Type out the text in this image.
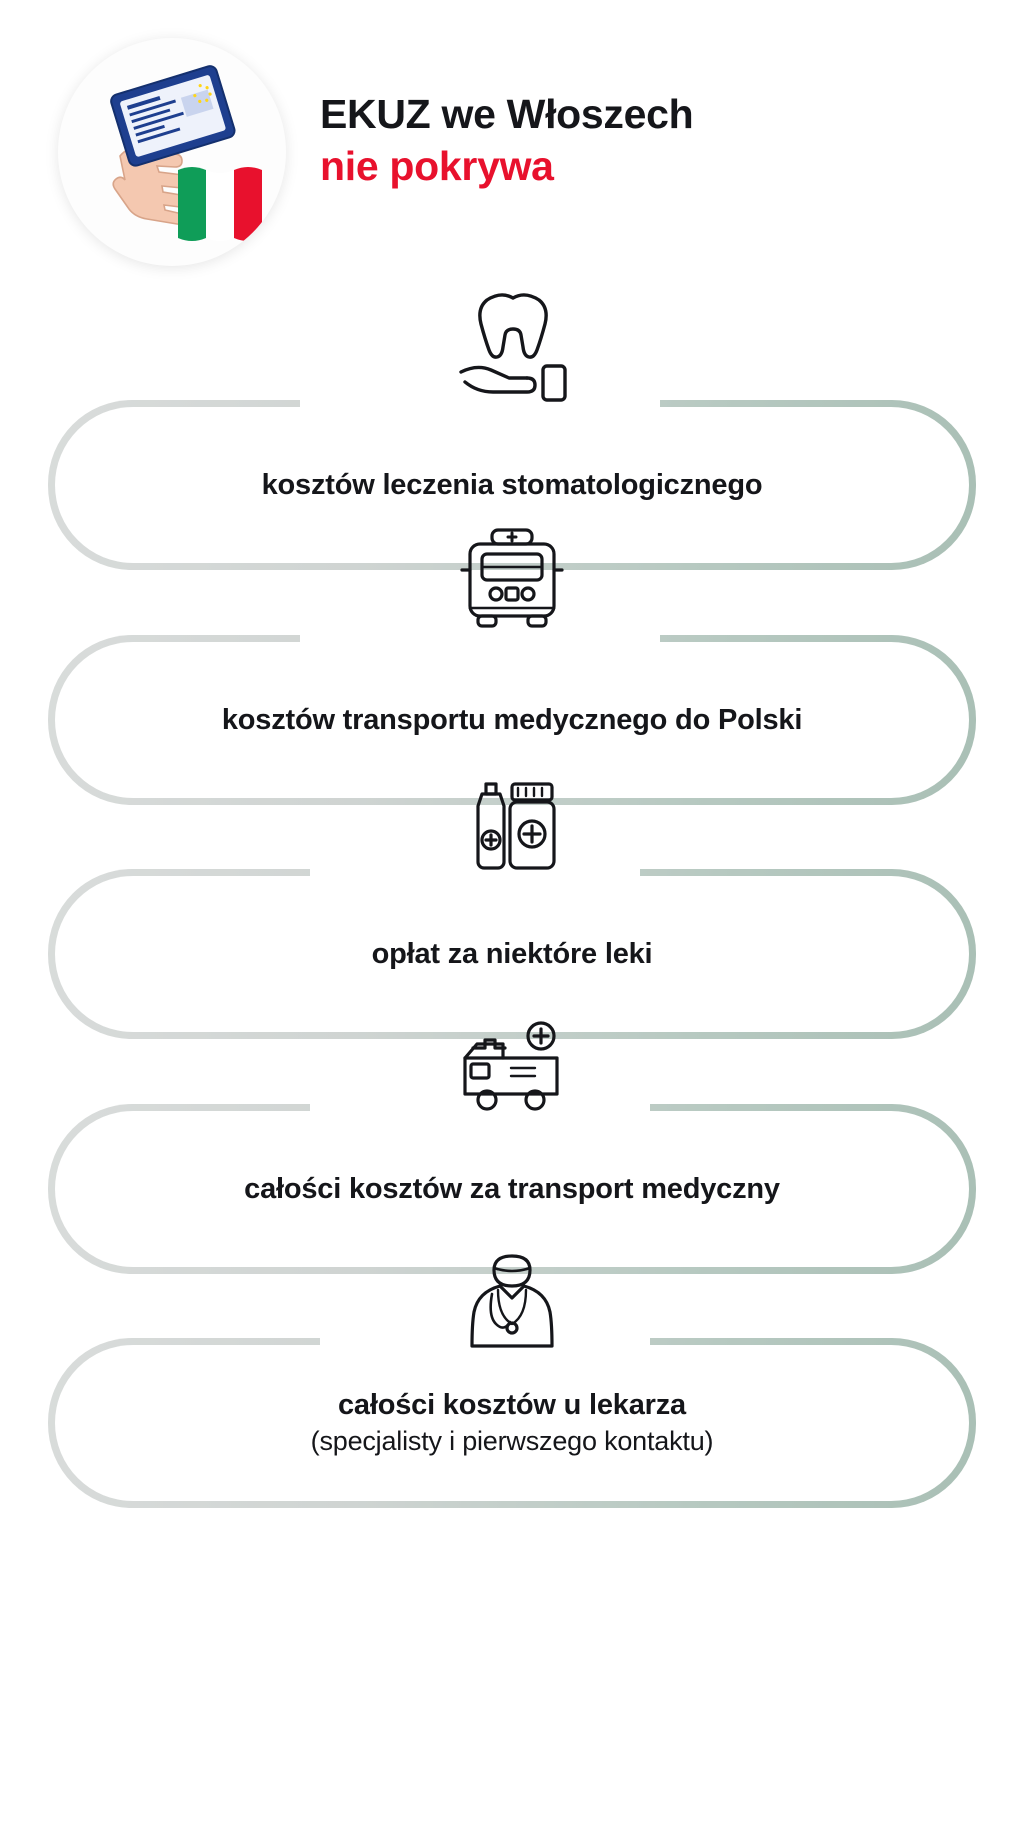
EKUZ we Włoszech
nie pokrywa
kosztów leczenia stomatologicznego
kosztów transportu medycznego do Polski
opłat za niektóre leki
całości kosztów za transport medyczny
całości kosztów u lekarza
(specjalisty i pierwszego kontaktu)
